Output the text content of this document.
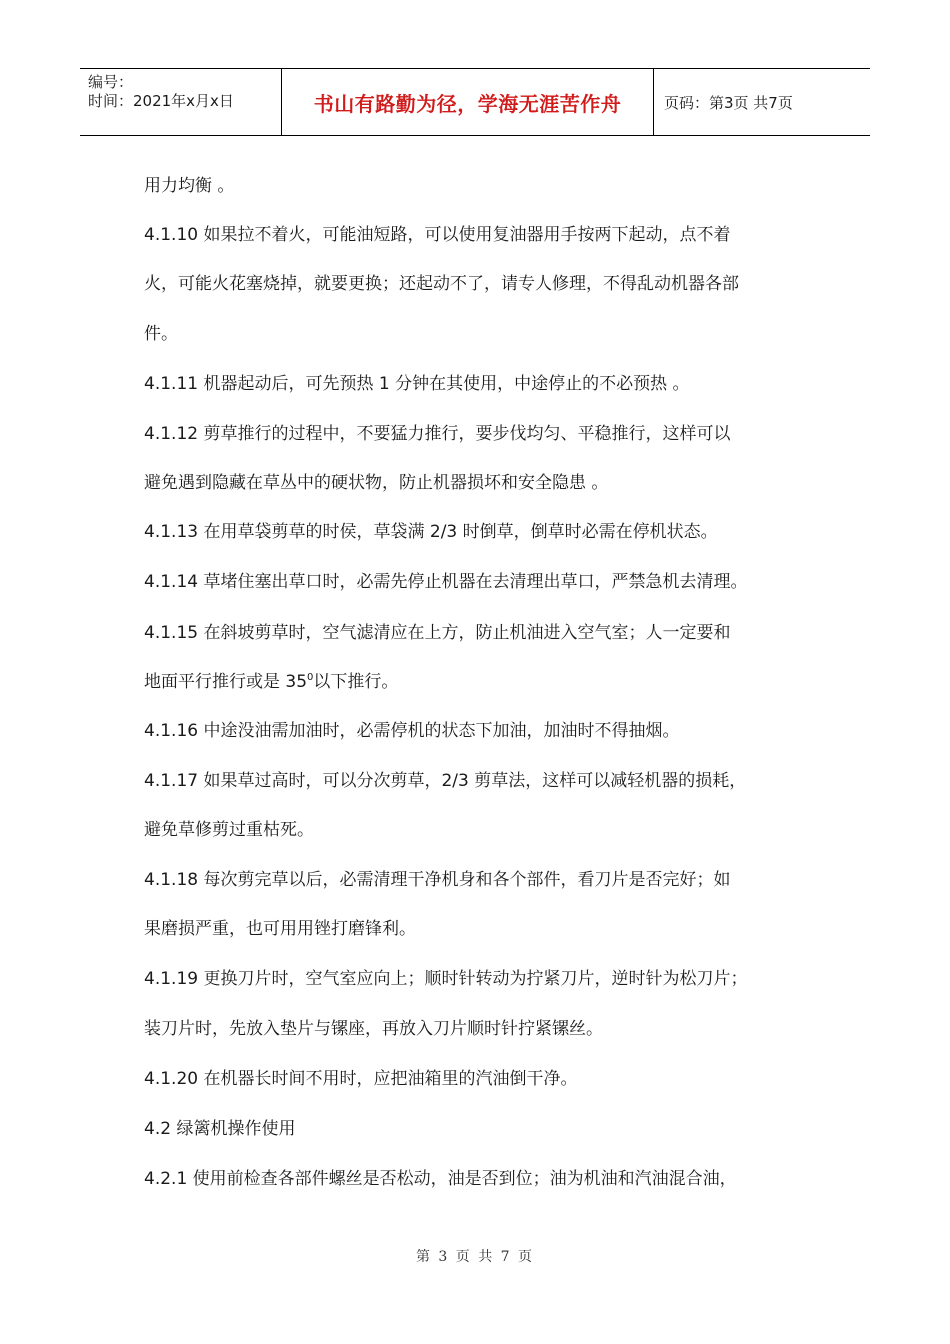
编号：
时间：2021年x月x日	书山有路勤为径，学海无涯苦作舟	页码：第3页 共7页
用力均衡 。
4.1.10 如果拉不着火，可能油短路，可以使用复油器用手按两下起动，点不着
火，可能火花塞烧掉，就要更换；还起动不了，请专人修理，不得乱动机器各部
件。
4.1.11 机器起动后，可先预热 1 分钟在其使用，中途停止的不必预热 。
4.1.12 剪草推行的过程中，不要猛力推行，要步伐均匀、平稳推行，这样可以
避免遇到隐藏在草丛中的硬状物，防止机器损坏和安全隐患 。
4.1.13 在用草袋剪草的时侯，草袋满 2/3 时倒草，倒草时必需在停机状态。
4.1.14 草堵住塞出草口时，必需先停止机器在去清理出草口，严禁急机去清理。
4.1.15 在斜坡剪草时，空气滤清应在上方，防止机油进入空气室；人一定要和
地面平行推行或是 $35^0$以下推行。
4.1.16 中途没油需加油时，必需停机的状态下加油，加油时不得抽烟。
4.1.17 如果草过高时，可以分次剪草，2/3 剪草法，这样可以减轻机器的损耗，
避免草修剪过重枯死。
4.1.18 每次剪完草以后，必需清理干净机身和各个部件，看刀片是否完好；如
果磨损严重，也可用用锉打磨锋利。
4.1.19 更换刀片时，空气室应向上；顺时针转动为拧紧刀片，逆时针为松刀片；
装刀片时，先放入垫片与镙座，再放入刀片顺时针拧紧镙丝。
4.1.20 在机器长时间不用时，应把油箱里的汽油倒干净。
4.2 绿篱机操作使用
4.2.1 使用前检查各部件螺丝是否松动，油是否到位；油为机油和汽油混合油，
第 3 页 共 7 页
